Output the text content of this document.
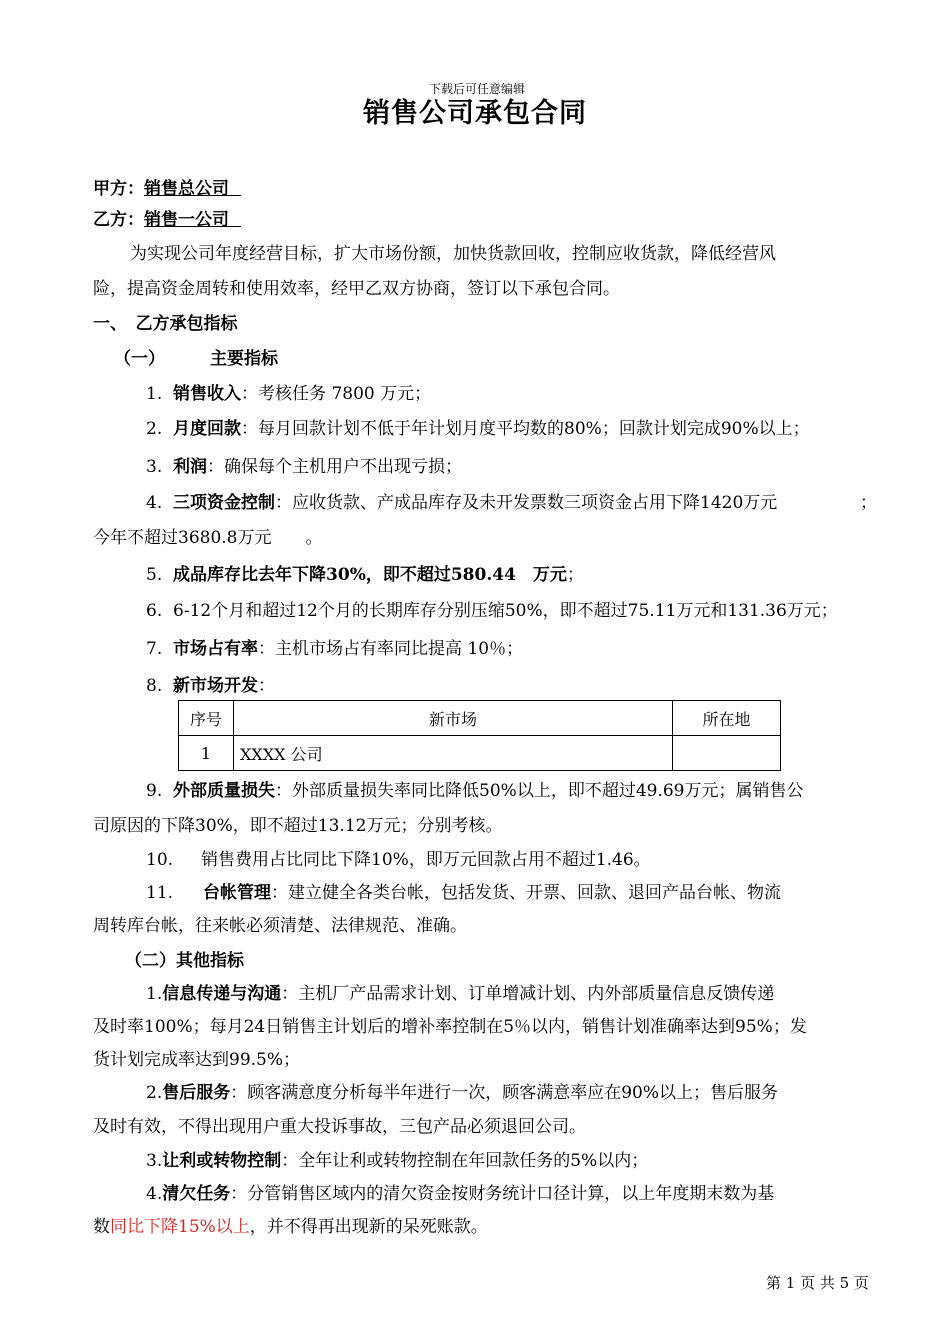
下载后可任意编辑
销售公司承包合同
甲方：销售总公司
乙方：销售一公司
为实现公司年度经营目标，扩大市场份额，加快货款回收，控制应收货款，降低经营风
险，提高资金周转和使用效率，经甲乙双方协商，签订以下承包合同。
一、　乙方承包指标
（一）	主要指标
1. 销售收入：考核任务 7800 万元；
2. 月度回款：每月回款计划不低于年计划月度平均数的80%；回款计划完成90%以上；
3. 利润：确保每个主机用户不出现亏损；
4. 三项资金控制：应收货款、产成品库存及未开发票数三项资金占用下降1420万元	；
今年不超过3680.8万元 。
5. 成品库存比去年下降30%，即不超过580.44　万元；
6. 6-12个月和超过12个月的长期库存分别压缩50%，即不超过75.11万元和131.36万元；
7. 市场占有率：主机市场占有率同比提高 10％；
8. 新市场开发：
序号	新市场	所在地
1	XXXX 公司	
9. 外部质量损失：外部质量损失率同比降低50%以上，即不超过49.69万元；属销售公
司原因的下降30%，即不超过13.12万元；分别考核。
10. 销售费用占比同比下降10%，即万元回款占用不超过1.46。
11. 台帐管理：建立健全各类台帐，包括发货、开票、回款、退回产品台帐、物流
周转库台帐，往来帐必须清楚、法律规范、准确。
（二）其他指标
1.信息传递与沟通：主机厂产品需求计划、订单增减计划、内外部质量信息反馈传递
及时率100%；每月24日销售主计划后的增补率控制在5％以内，销售计划准确率达到95%；发
货计划完成率达到99.5%；
2.售后服务：顾客满意度分析每半年进行一次，顾客满意率应在90%以上；售后服务
及时有效，不得出现用户重大投诉事故，三包产品必须退回公司。
3.让利或转物控制：全年让利或转物控制在年回款任务的5%以内；
4.清欠任务：分管销售区域内的清欠资金按财务统计口径计算，以上年度期末数为基
数同比下降15%以上，并不得再出现新的呆死账款。
第 1 页 共 5 页
